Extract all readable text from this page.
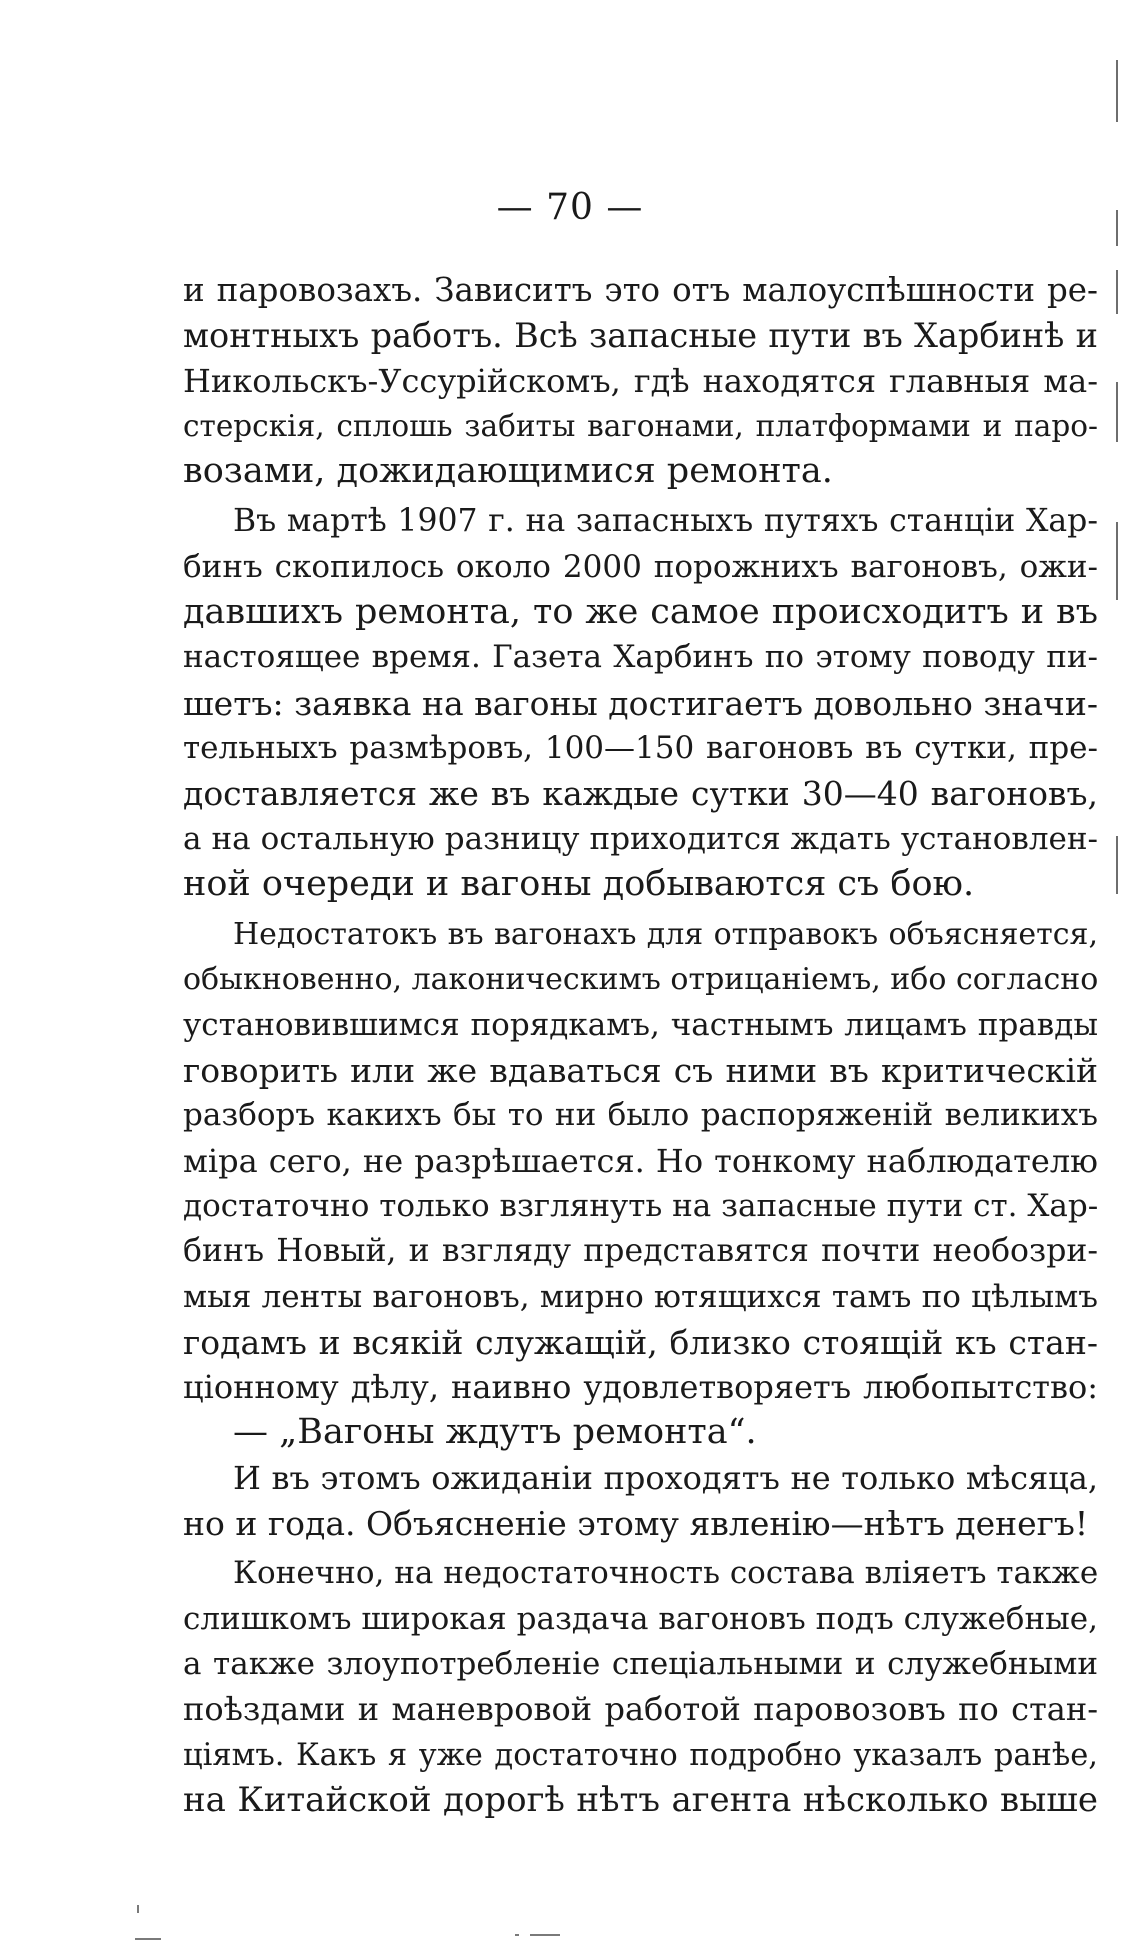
— 70 —
и паровозахъ. Зависитъ это отъ малоуспѣшности ре-
монтныхъ работъ. Всѣ запасные пути въ Харбинѣ и
Никольскъ-Уссурійскомъ, гдѣ находятся главныя ма-
стерскія, сплошь забиты вагонами, платформами и паро-
возами, дожидающимися ремонта.
Въ мартѣ 1907 г. на запасныхъ путяхъ станціи Хар-
бинъ скопилось около 2000 порожнихъ вагоновъ, ожи-
давшихъ ремонта, то же самое происходитъ и въ
настоящее время. Газета Харбинъ по этому поводу пи-
шетъ: заявка на вагоны достигаетъ довольно значи-
тельныхъ размѣровъ, 100—150 вагоновъ въ сутки, пре-
доставляется же въ каждые сутки 30—40 вагоновъ,
а на остальную разницу приходится ждать установлен-
ной очереди и вагоны добываются съ бою.
Недостатокъ въ вагонахъ для отправокъ объясняется,
обыкновенно, лаконическимъ отрицаніемъ, ибо согласно
установившимся порядкамъ, частнымъ лицамъ правды
говорить или же вдаваться съ ними въ критическій
разборъ какихъ бы то ни было распоряженій великихъ
міра сего, не разрѣшается. Но тонкому наблюдателю
достаточно только взглянуть на запасные пути ст. Хар-
бинъ Новый, и взгляду представятся почти необозри-
мыя ленты вагоновъ, мирно ютящихся тамъ по цѣлымъ
годамъ и всякій служащій, близко стоящій къ стан-
ціонному дѣлу, наивно удовлетворяетъ любопытство:
— „Вагоны ждутъ ремонта“.
И въ этомъ ожиданіи проходятъ не только мѣсяца,
но и года. Объясненіе этому явленію—нѣтъ денегъ!
Конечно, на недостаточность состава вліяетъ также
слишкомъ широкая раздача вагоновъ подъ служебные,
а также злоупотребленіе спеціальными и служебными
поѣздами и маневровой работой паровозовъ по стан-
ціямъ. Какъ я уже достаточно подробно указалъ ранѣе,
на Китайской дорогѣ нѣтъ агента нѣсколько выше
